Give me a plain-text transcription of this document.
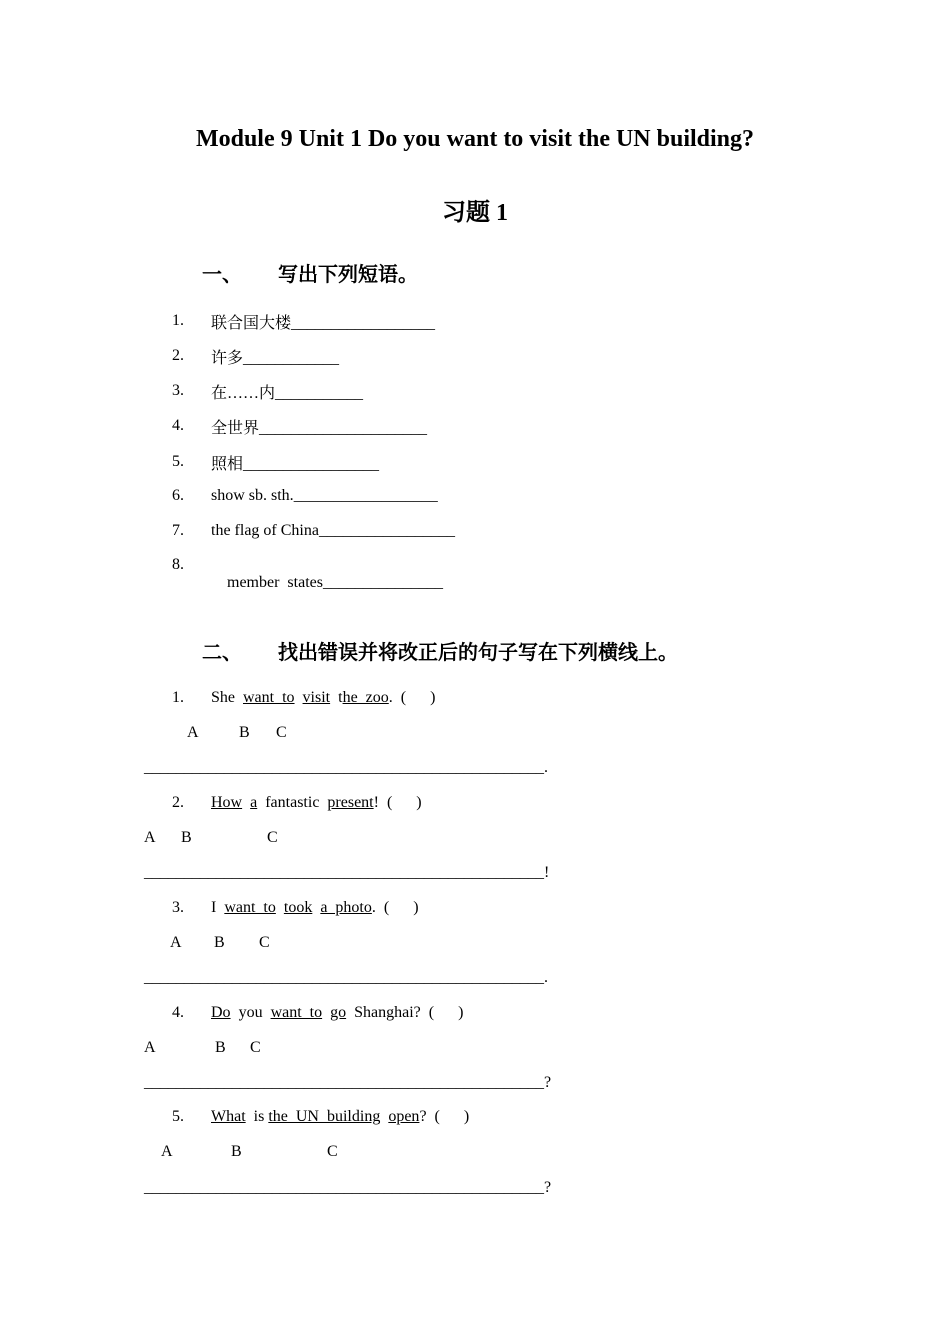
Module 9 Unit 1 Do you want to visit the UN building?
习题 1
一、 写出下列短语。
1. 联合国大楼__________________
2. 许多____________
3. 在……内___________
4. 全世界_____________________
5. 照相_________________
6. show sb. sth.__________________
7. the flag of China_________________
8.

member  states_______________

二、 找出错误并将改正后的句子写在下列横线上。
1. She want  to visit the  zoo.  (      )
A	B C
__________________________________________________.
2. How a fantastic present!  (      )
A B	C
__________________________________________________!
3. I want  to took a  photo.  (      )
A B C
__________________________________________________.
4. Do you want  to go Shanghai?  (      )
A	B C
__________________________________________________?
5. What is the  UN  building open?  (      )
A	B	C
__________________________________________________?
